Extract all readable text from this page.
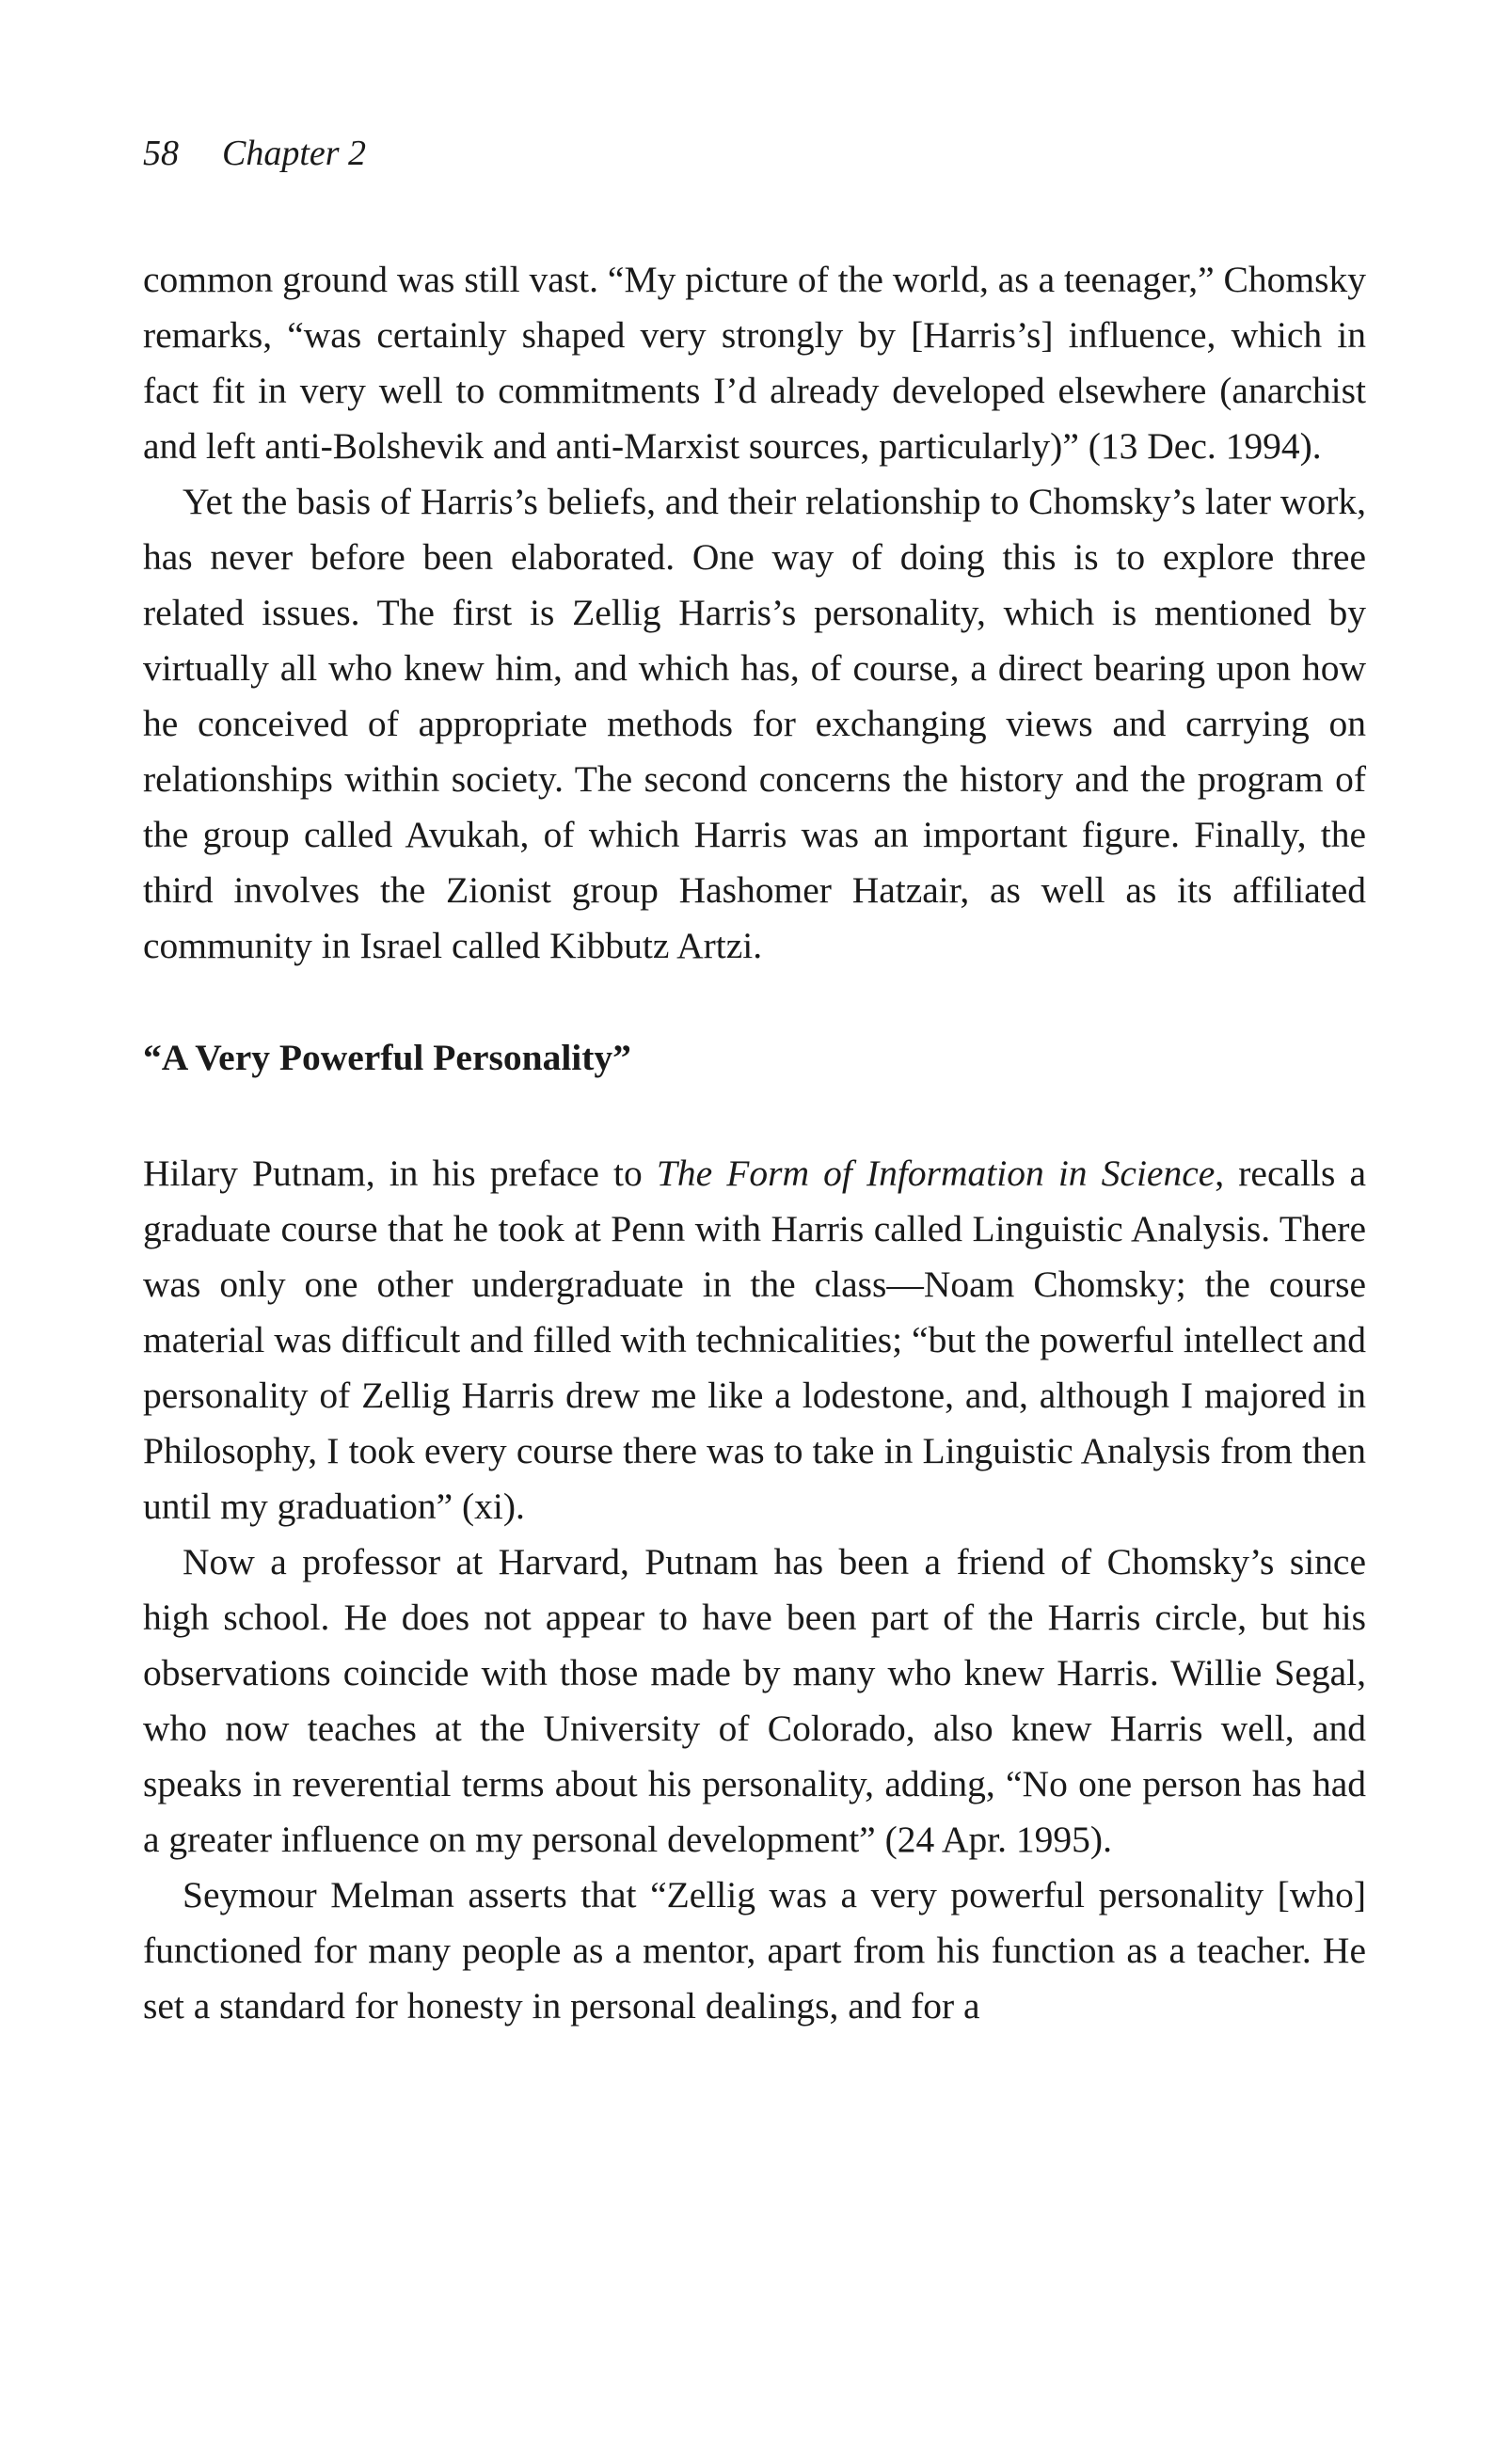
58 Chapter 2

common ground was still vast. “My picture of the world, as a teenager,” Chomsky remarks, “was certainly shaped very strongly by [Harris’s] influence, which in fact fit in very well to commitments I’d already developed elsewhere (anarchist and left anti-Bolshevik and anti-Marxist sources, particularly)” (13 Dec. 1994).

Yet the basis of Harris’s beliefs, and their relationship to Chomsky’s later work, has never before been elaborated. One way of doing this is to explore three related issues. The first is Zellig Harris’s personality, which is mentioned by virtually all who knew him, and which has, of course, a direct bearing upon how he conceived of appropriate methods for exchanging views and carrying on relationships within society. The second concerns the history and the program of the group called Avukah, of which Harris was an important figure. Finally, the third involves the Zionist group Hashomer Hatzair, as well as its affiliated community in Israel called Kibbutz Artzi.

“A Very Powerful Personality”

Hilary Putnam, in his preface to The Form of Information in Science, recalls a graduate course that he took at Penn with Harris called Linguistic Analysis. There was only one other undergraduate in the class—Noam Chomsky; the course material was difficult and filled with technicalities; “but the powerful intellect and personality of Zellig Harris drew me like a lodestone, and, although I majored in Philosophy, I took every course there was to take in Linguistic Analysis from then until my graduation” (xi).

Now a professor at Harvard, Putnam has been a friend of Chomsky’s since high school. He does not appear to have been part of the Harris circle, but his observations coincide with those made by many who knew Harris. Willie Segal, who now teaches at the University of Colorado, also knew Harris well, and speaks in reverential terms about his personality, adding, “No one person has had a greater influence on my personal development” (24 Apr. 1995).

Seymour Melman asserts that “Zellig was a very powerful personality [who] functioned for many people as a mentor, apart from his function as a teacher. He set a standard for honesty in personal dealings, and for a
